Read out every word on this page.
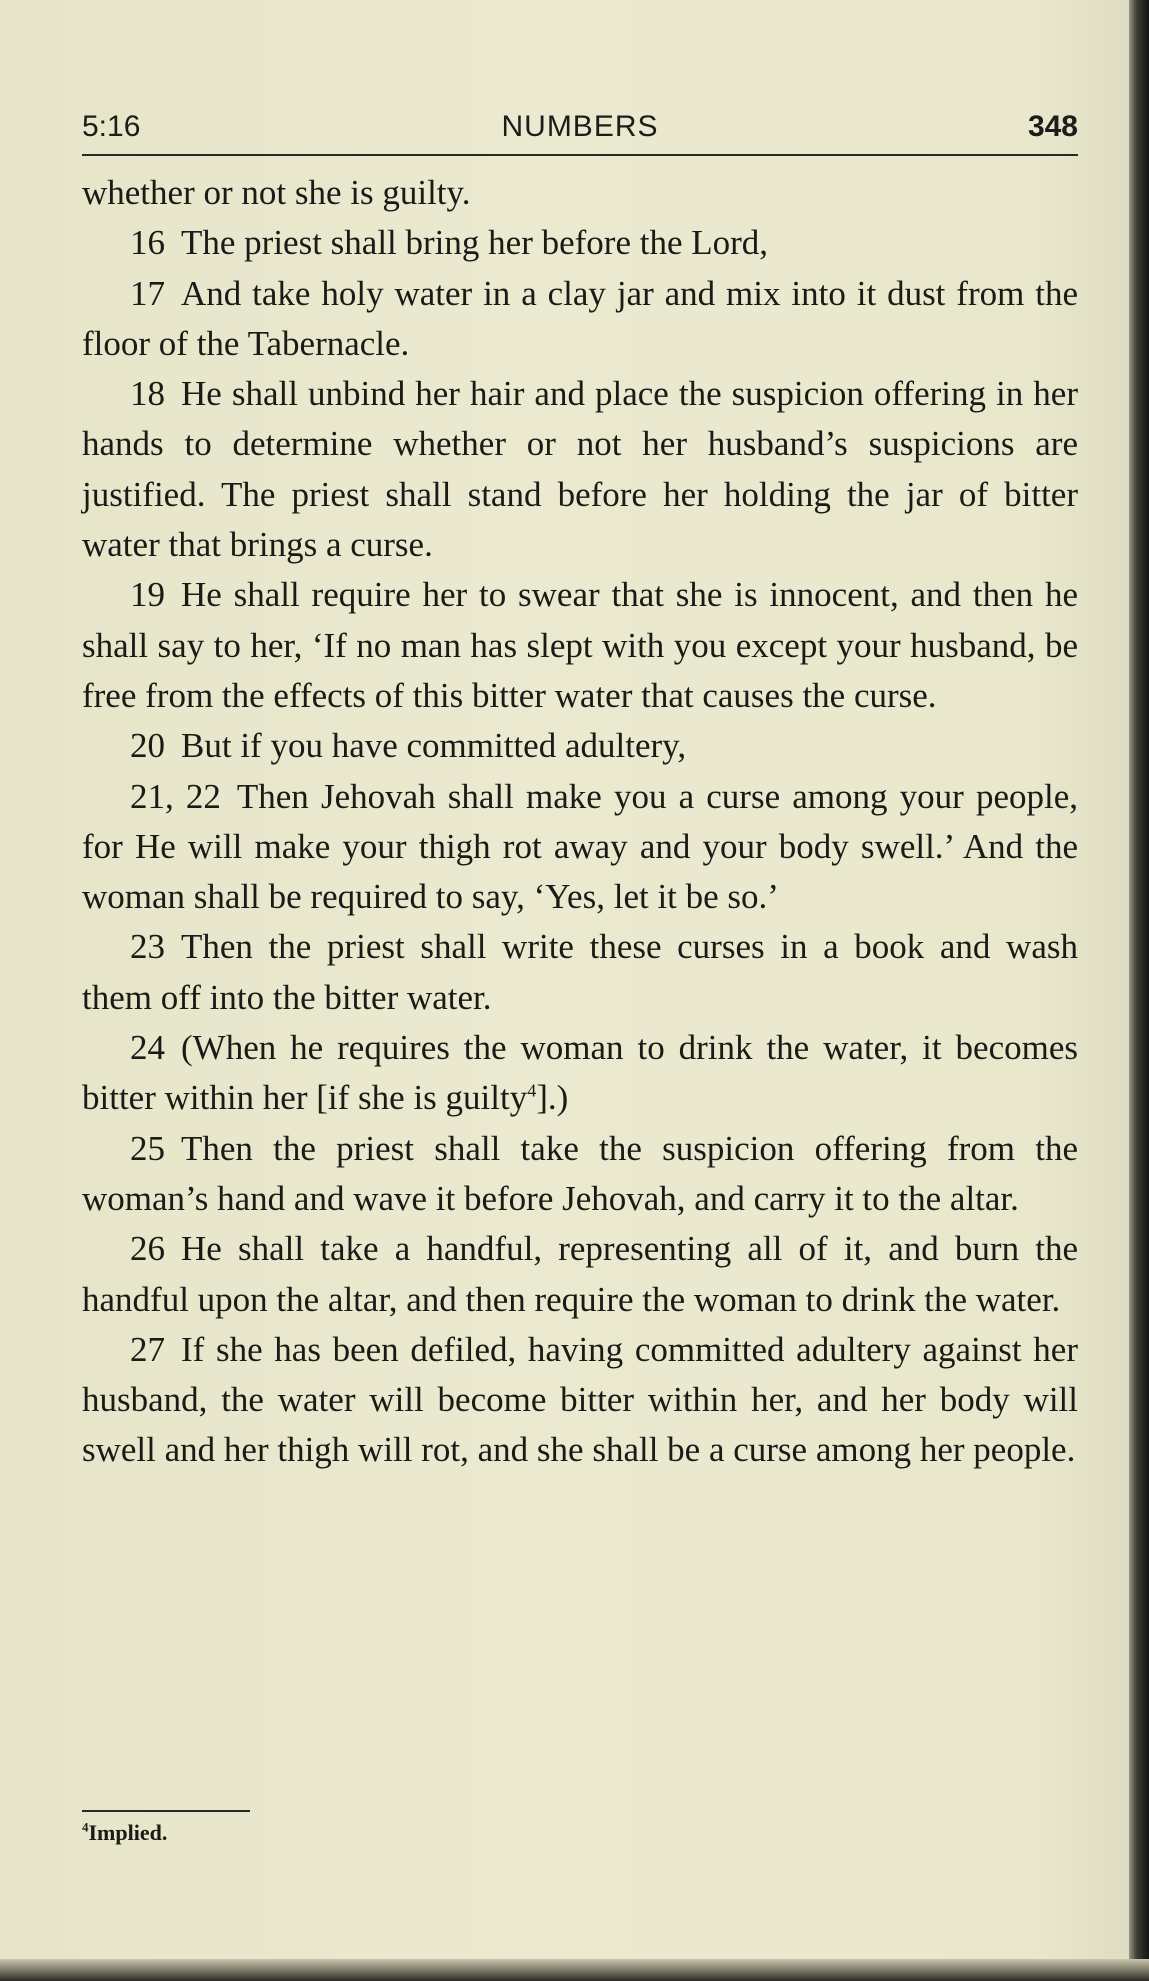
5:16	NUMBERS	348

whether or not she is guilty.

16 The priest shall bring her before the Lord,

17 And take holy water in a clay jar and mix into it dust from the floor of the Tabernacle.

18 He shall unbind her hair and place the suspicion offering in her hands to determine whether or not her husband’s suspicions are justified. The priest shall stand before her holding the jar of bitter water that brings a curse.

19 He shall require her to swear that she is innocent, and then he shall say to her, ‘If no man has slept with you except your husband, be free from the effects of this bitter water that causes the curse.

20 But if you have committed adultery,

21, 22 Then Jehovah shall make you a curse among your people, for He will make your thigh rot away and your body swell.’ And the woman shall be required to say, ‘Yes, let it be so.’

23 Then the priest shall write these curses in a book and wash them off into the bitter water.

24 (When he requires the woman to drink the water, it becomes bitter within her [if she is guilty$^4$].)

25 Then the priest shall take the suspicion offering from the woman’s hand and wave it before Jehovah, and carry it to the altar.

26 He shall take a handful, representing all of it, and burn the handful upon the altar, and then require the woman to drink the water.

27 If she has been defiled, having committed adultery against her husband, the water will become bitter within her, and her body will swell and her thigh will rot, and she shall be a curse among her people.

$^4$Implied.
